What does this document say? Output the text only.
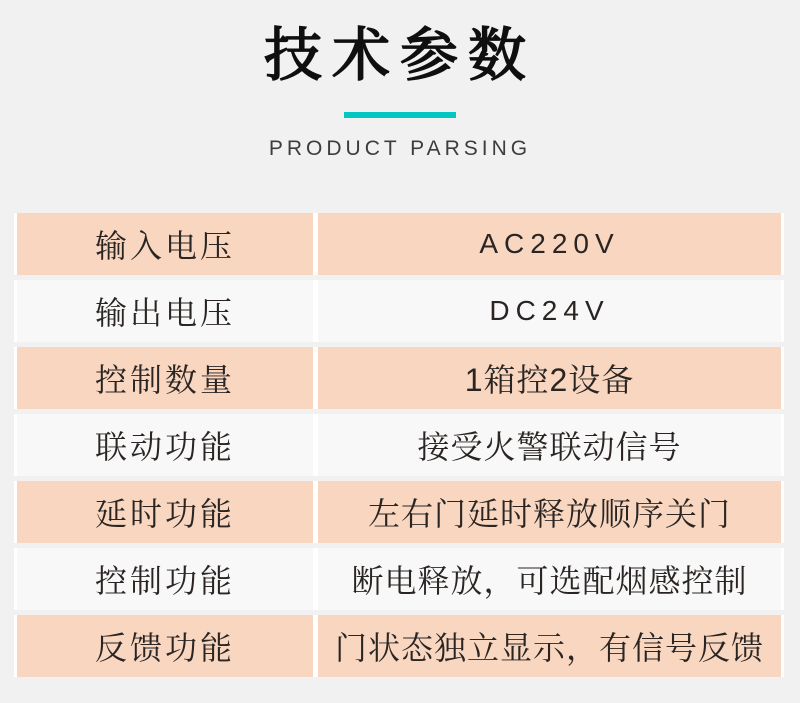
技术参数
PRODUCT PARSING
输入电压	AC220V
输出电压	DC24V
控制数量	1箱控2设备
联动功能	接受火警联动信号
延时功能	左右门延时释放顺序关门
控制功能	断电释放，可选配烟感控制
反馈功能	门状态独立显示，有信号反馈
